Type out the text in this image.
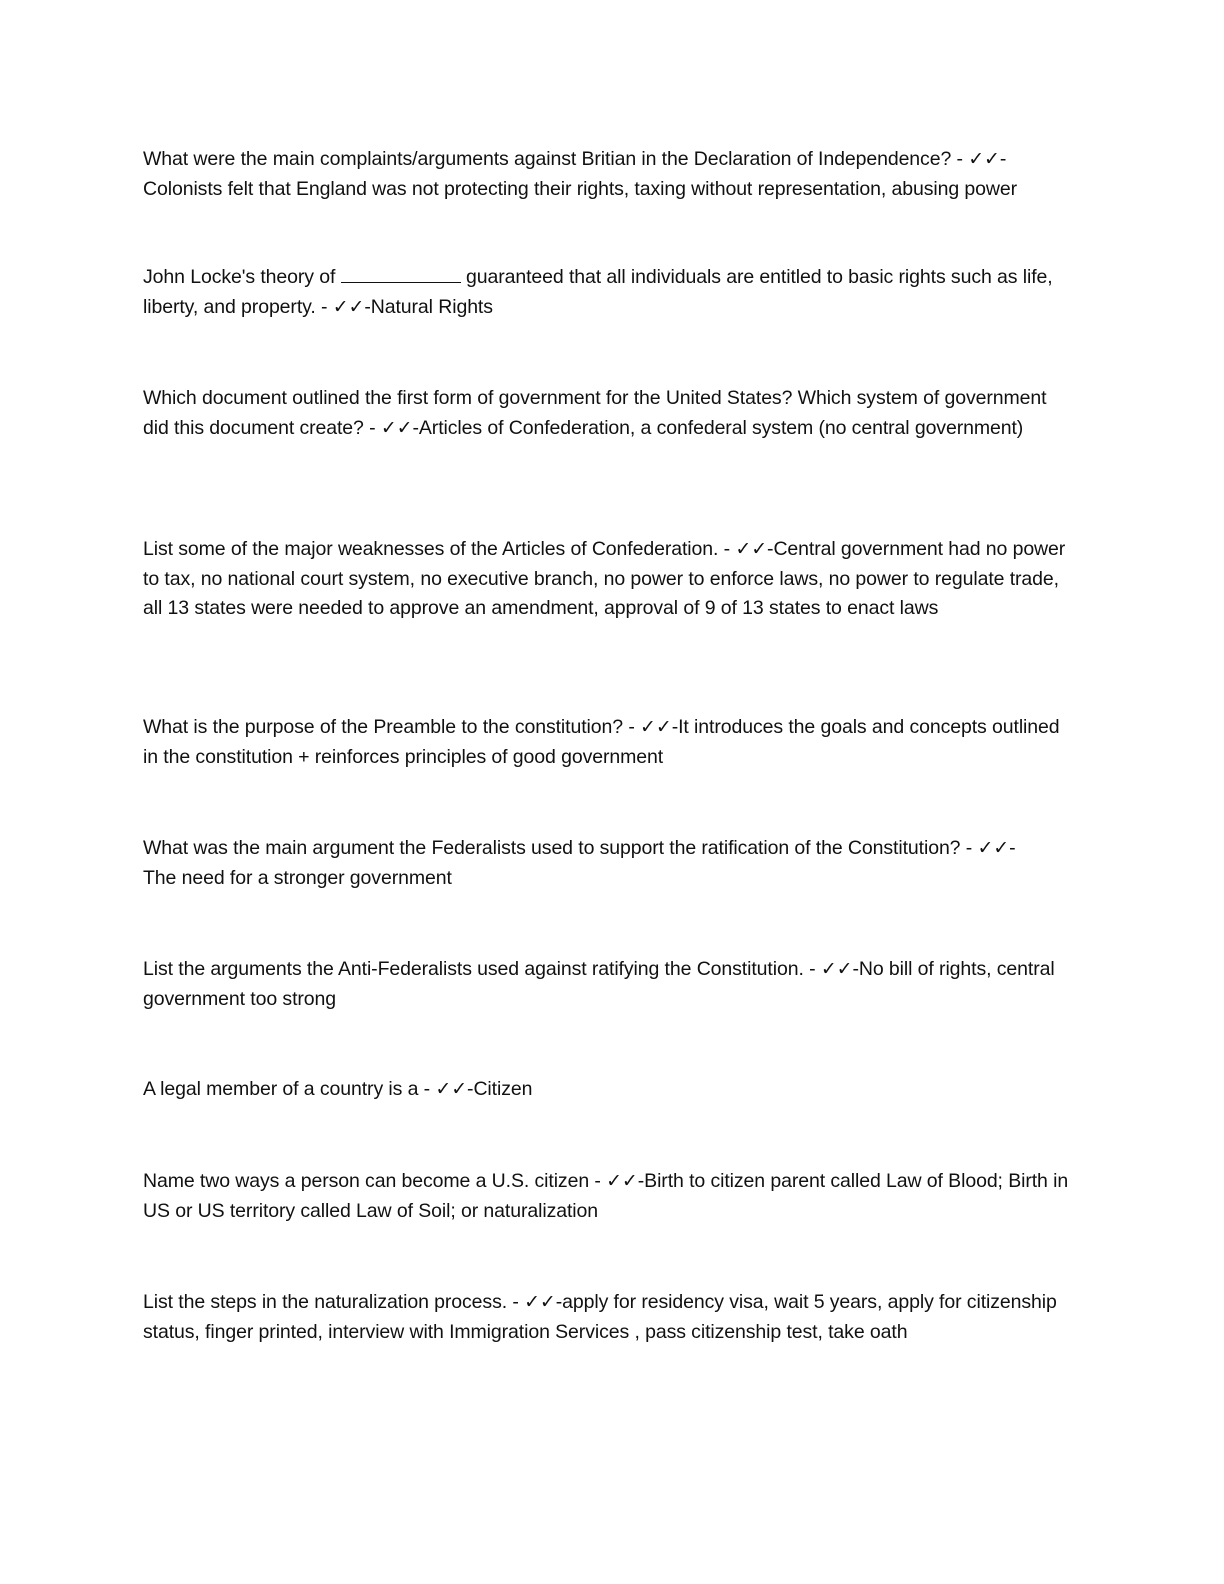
What were the main complaints/arguments against Britian in the Declaration of Independence? - ✓✓-
Colonists felt that England was not protecting their rights, taxing without representation, abusing power

John Locke's theory of	guaranteed that all individuals are entitled to basic rights such as life, liberty, and property. - ✓✓-Natural Rights

Which document outlined the first form of government for the United States? Which system of government did this document create? - ✓✓-Articles of Confederation, a confederal system (no central government)

List some of the major weaknesses of the Articles of Confederation. - ✓✓-Central government had no power to tax, no national court system, no executive branch, no power to enforce laws, no power to regulate trade, all 13 states were needed to approve an amendment, approval of 9 of 13 states to enact laws

What is the purpose of the Preamble to the constitution? - ✓✓-It introduces the goals and concepts outlined in the constitution + reinforces principles of good government

What was the main argument the Federalists used to support the ratification of the Constitution? - ✓✓-
The need for a stronger government

List the arguments the Anti-Federalists used against ratifying the Constitution. - ✓✓-No bill of rights, central government too strong

A legal member of a country is a - ✓✓-Citizen

Name two ways a person can become a U.S. citizen - ✓✓-Birth to citizen parent called Law of Blood; Birth in US or US territory called Law of Soil; or naturalization

List the steps in the naturalization process. - ✓✓-apply for residency visa, wait 5 years, apply for citizenship status, finger printed, interview with Immigration Services , pass citizenship test, take oath
